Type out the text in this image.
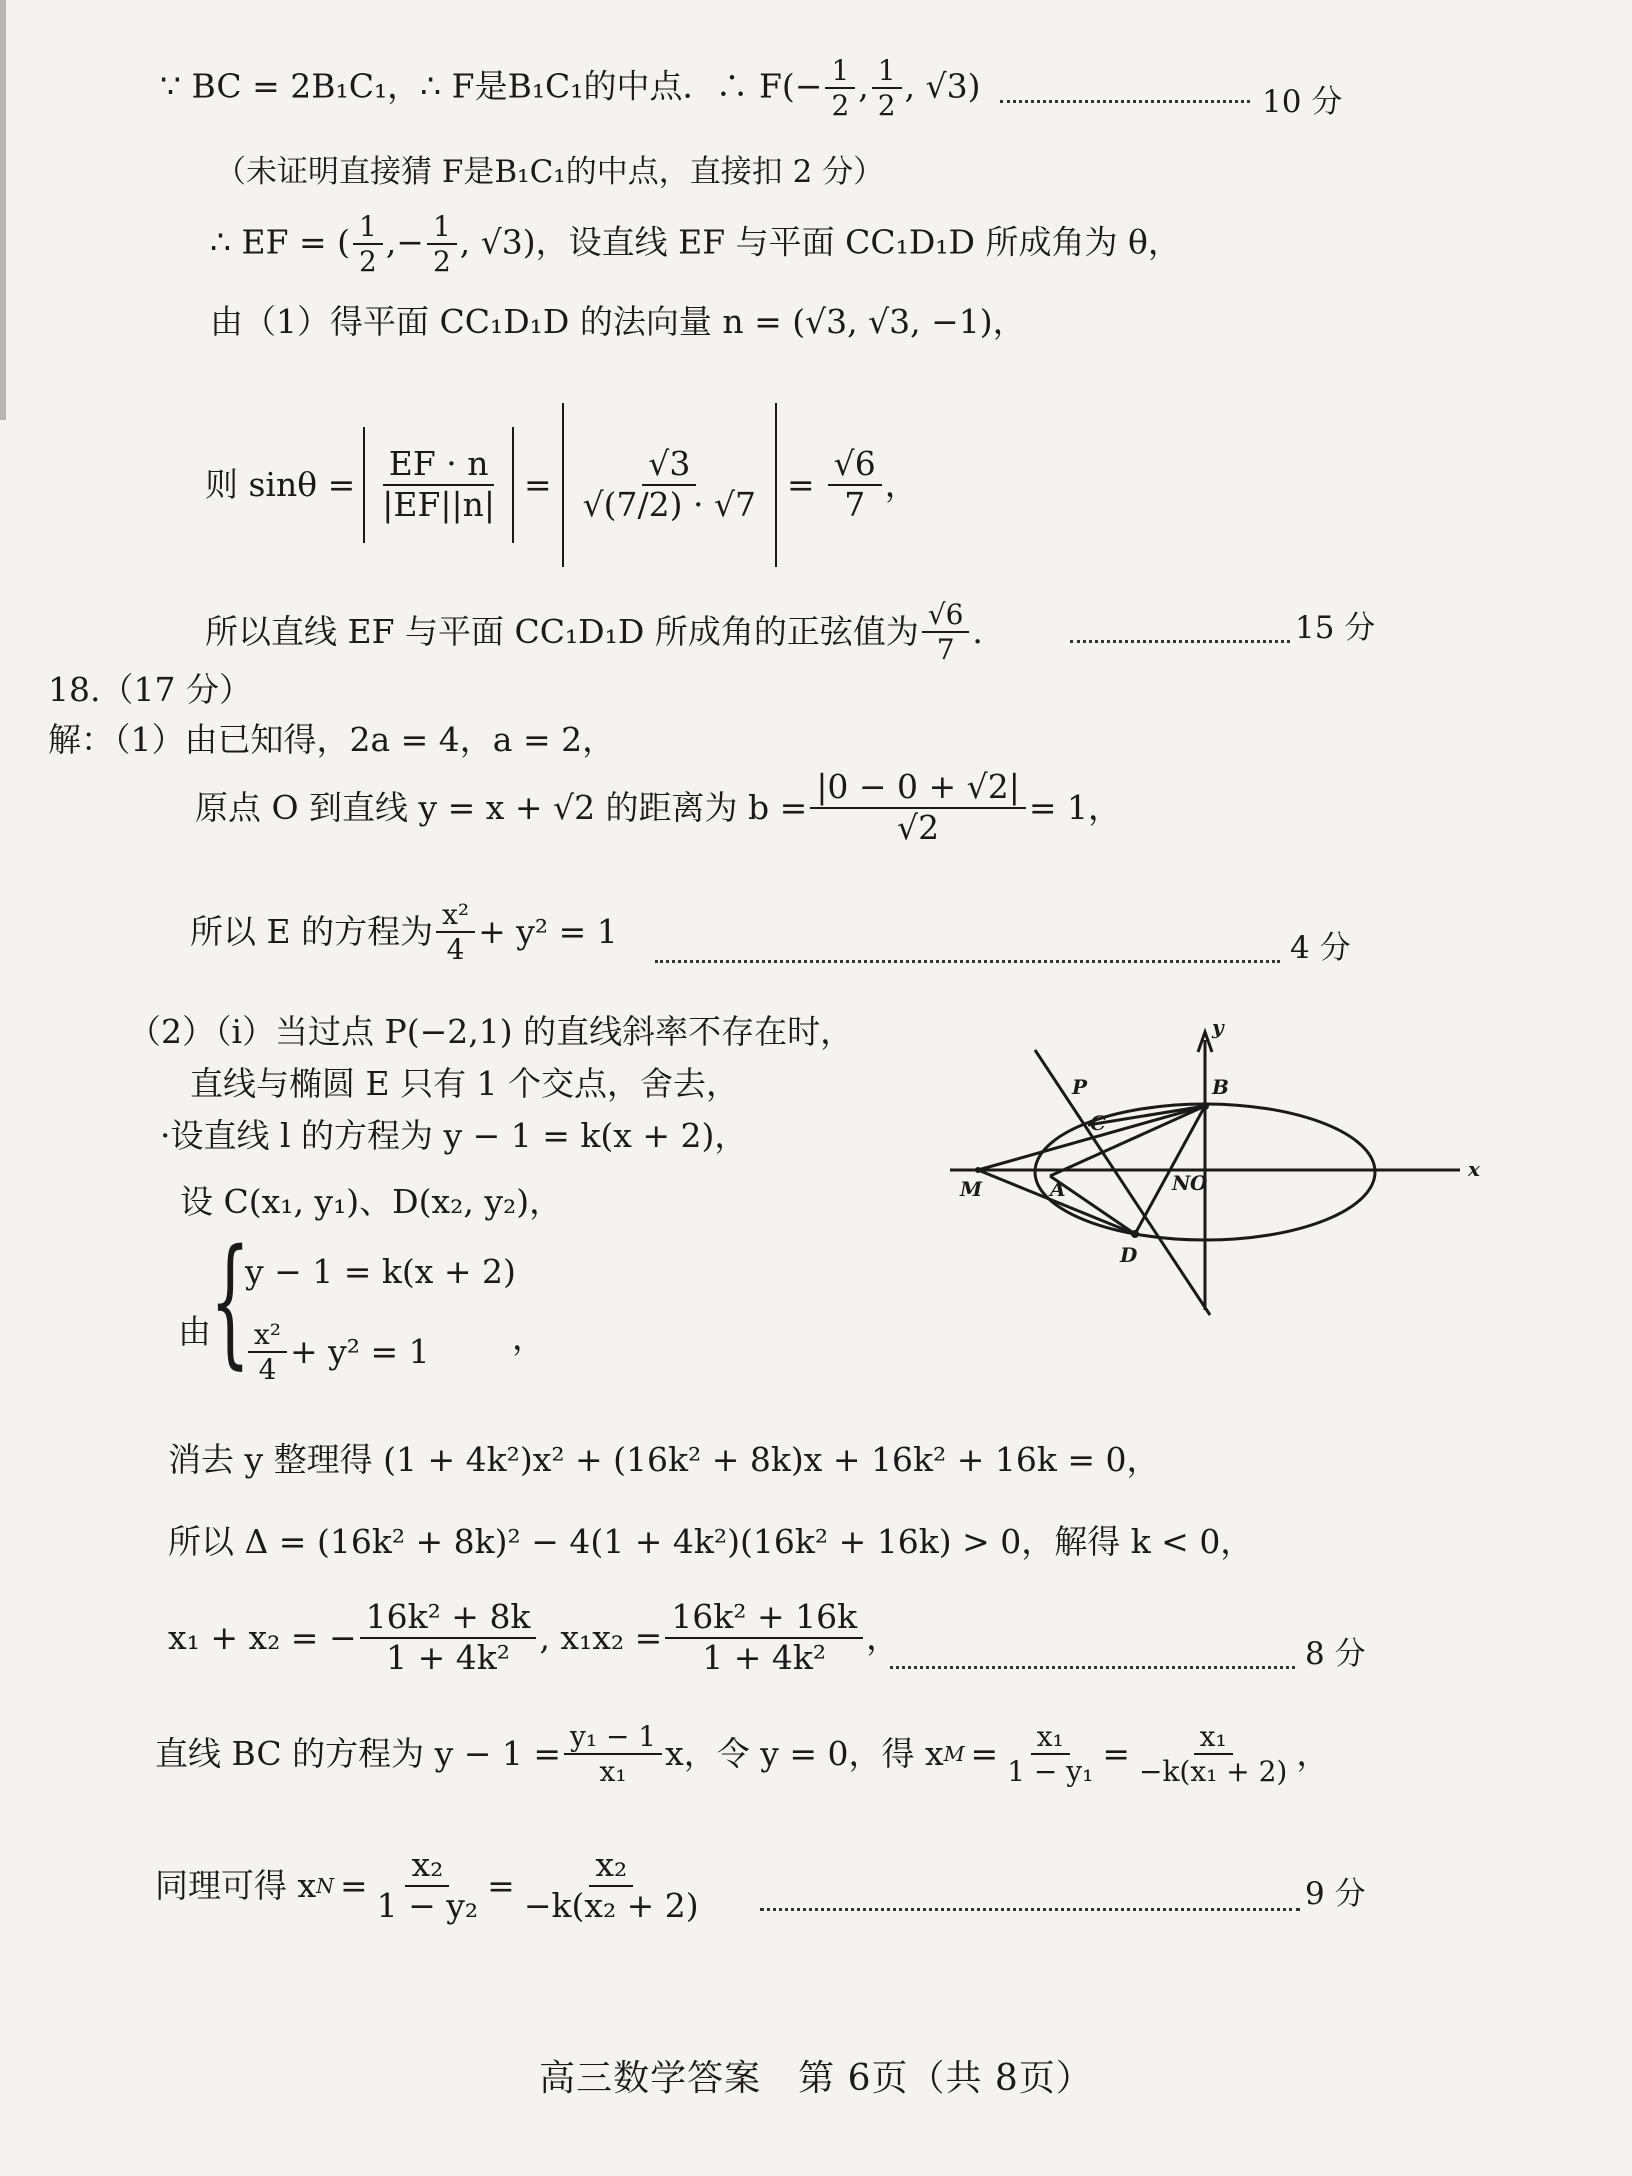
∵ BC = 2B₁C₁，∴ F是B₁C₁的中点．∴ $F(- \frac{1}{2}$ , $\frac{1}{2}$ , √3)	10 分
（未证明直接猜 F是B₁C₁的中点，直接扣 2 分）
∴ EF = ( $\frac{1}{2}$ ,− $\frac{1}{2}$ , √3)，设直线 EF 与平面 CC₁D₁D 所成角为 θ，
由（1）得平面 CC₁D₁D 的法向量 n = (√3, √3, −1)，
则 $\sin\theta = \frac{EF \cdot n}{|EF||n|} = \frac{√3}{√(7/2) \cdot √7} = \frac{√6}{7}$ ，
所以直线 EF 与平面 CC₁D₁D 所成角的正弦值为 $\frac{√6}{7}$ ．	15 分
18.（17 分）
解：（1）由已知得，2a = 4，a = 2，
原点 O 到直线 y = x + √2 的距离为 $b = \frac{|0 - 0 + √2|}{√2} = 1$，
所以 E 的方程为 $\frac{\text{x²}}{4} + y^2 = 1$	4 分
（2）（i）当过点 P(−2,1) 的直线斜率不存在时，
直线与椭圆 E 只有 1 个交点，舍去，
·设直线 l 的方程为 y − 1 = k(x + 2)，
设 C(x₁, y₁)、D(x₂, y₂)，
由 {
y − 1 = k(x + 2)
$\frac{\text{x²}}{4} + y^2 = 1$ ，
消去 y 整理得 (1 + 4k²)x² + (16k² + 8k)x + 16k² + 16k = 0，
所以 Δ = (16k² + 8k)² − 4(1 + 4k²)(16k² + 16k) > 0，解得 k < 0，
x₁ + x₂ = − $\frac{\text{16k² + 8k}}{\text{1 + 4k²}}$ , $x_1x_2 = \frac{\text{16k² + 16k}}{\text{1 + 4k²}}$ ，	8 分
直线 BC 的方程为 $y - 1 = \frac{\text{y₁ − 1}}{\text{x₁}}$ x，令 y = 0，得 x $M = \frac{\text{x₁}}{\text{1 − y₁}} = \frac{\text{x₁}}{\text{−k(x₁ + 2)}}$ ，
同理可得 x $N = \frac{\text{x₂}}{\text{1 − y₂}} = \frac{\text{x₂}}{\text{−k(x₂ + 2)}}$	9 分
高三数学答案　第 6页（共 8页）
y
x
P	B
C
M	A	N O
D
